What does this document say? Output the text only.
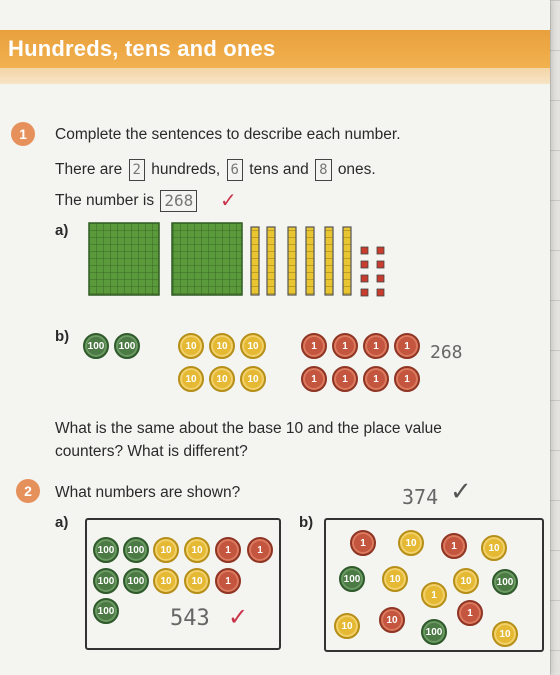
Hundreds, tens and ones
1	Complete the sentences to describe each number.
There are 2 hundreds, 6 tens and 8 ones.
The number is 268	✓
a)
b)
100	100	10	10	10
10	10	10
1	1	1	1
1	1	1	1
268
What is the same about the base 10 and the place value
counters? What is different?
2	What numbers are shown?	374 ✓
a)	b)
100	100	10	10	1	1
100	100	10	10	1
100	543 ✓
1	10	1	10
100	10	10	100
1
10
10
1
100	10
